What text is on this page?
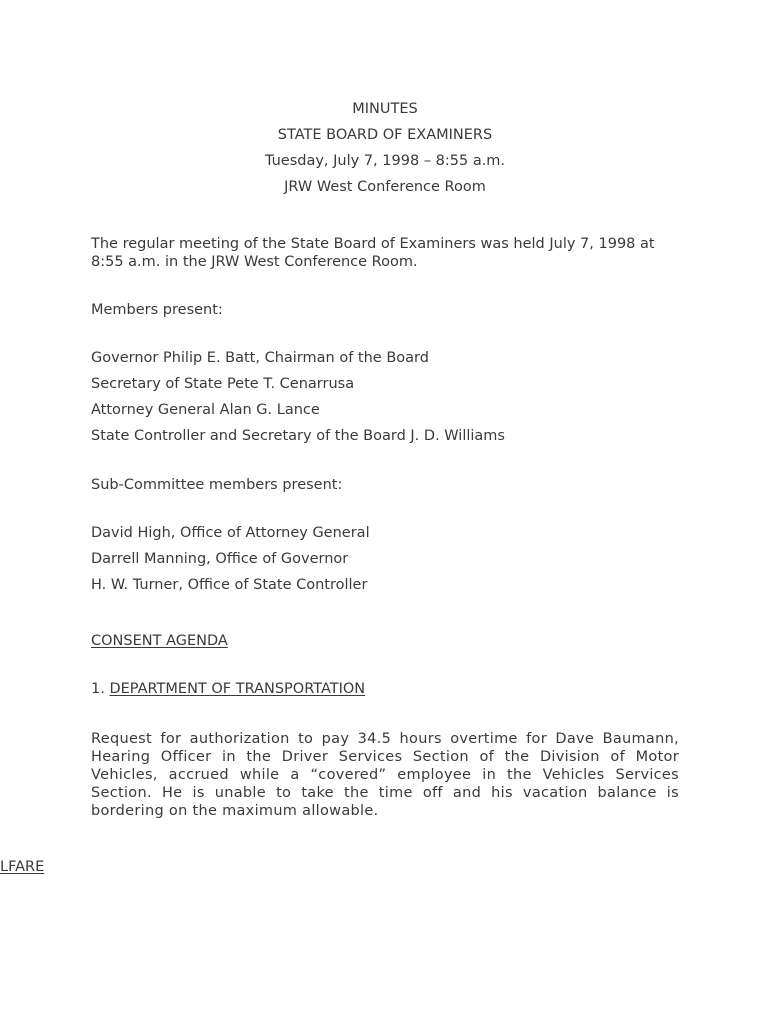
MINUTES
STATE BOARD OF EXAMINERS
Tuesday, July 7, 1998 – 8:55 a.m.
JRW West Conference Room
The regular meeting of the State Board of Examiners was held July 7, 1998 at 8:55 a.m. in the JRW West Conference Room.
Members present:
Governor Philip E. Batt, Chairman of the Board
Secretary of State Pete T. Cenarrusa
Attorney General Alan G. Lance
State Controller and Secretary of the Board J. D. Williams
Sub-Committee members present:
David High, Office of Attorney General
Darrell Manning, Office of Governor
H. W. Turner, Office of State Controller
CONSENT AGENDA
1. DEPARTMENT OF TRANSPORTATION
Request for authorization to pay 34.5 hours overtime for Dave Baumann, Hearing Officer in the Driver Services Section of the Division of Motor Vehicles, accrued while a “covered” employee in the Vehicles Services Section. He is unable to take the time off and his vacation balance is bordering on the maximum allowable.
LFARE
